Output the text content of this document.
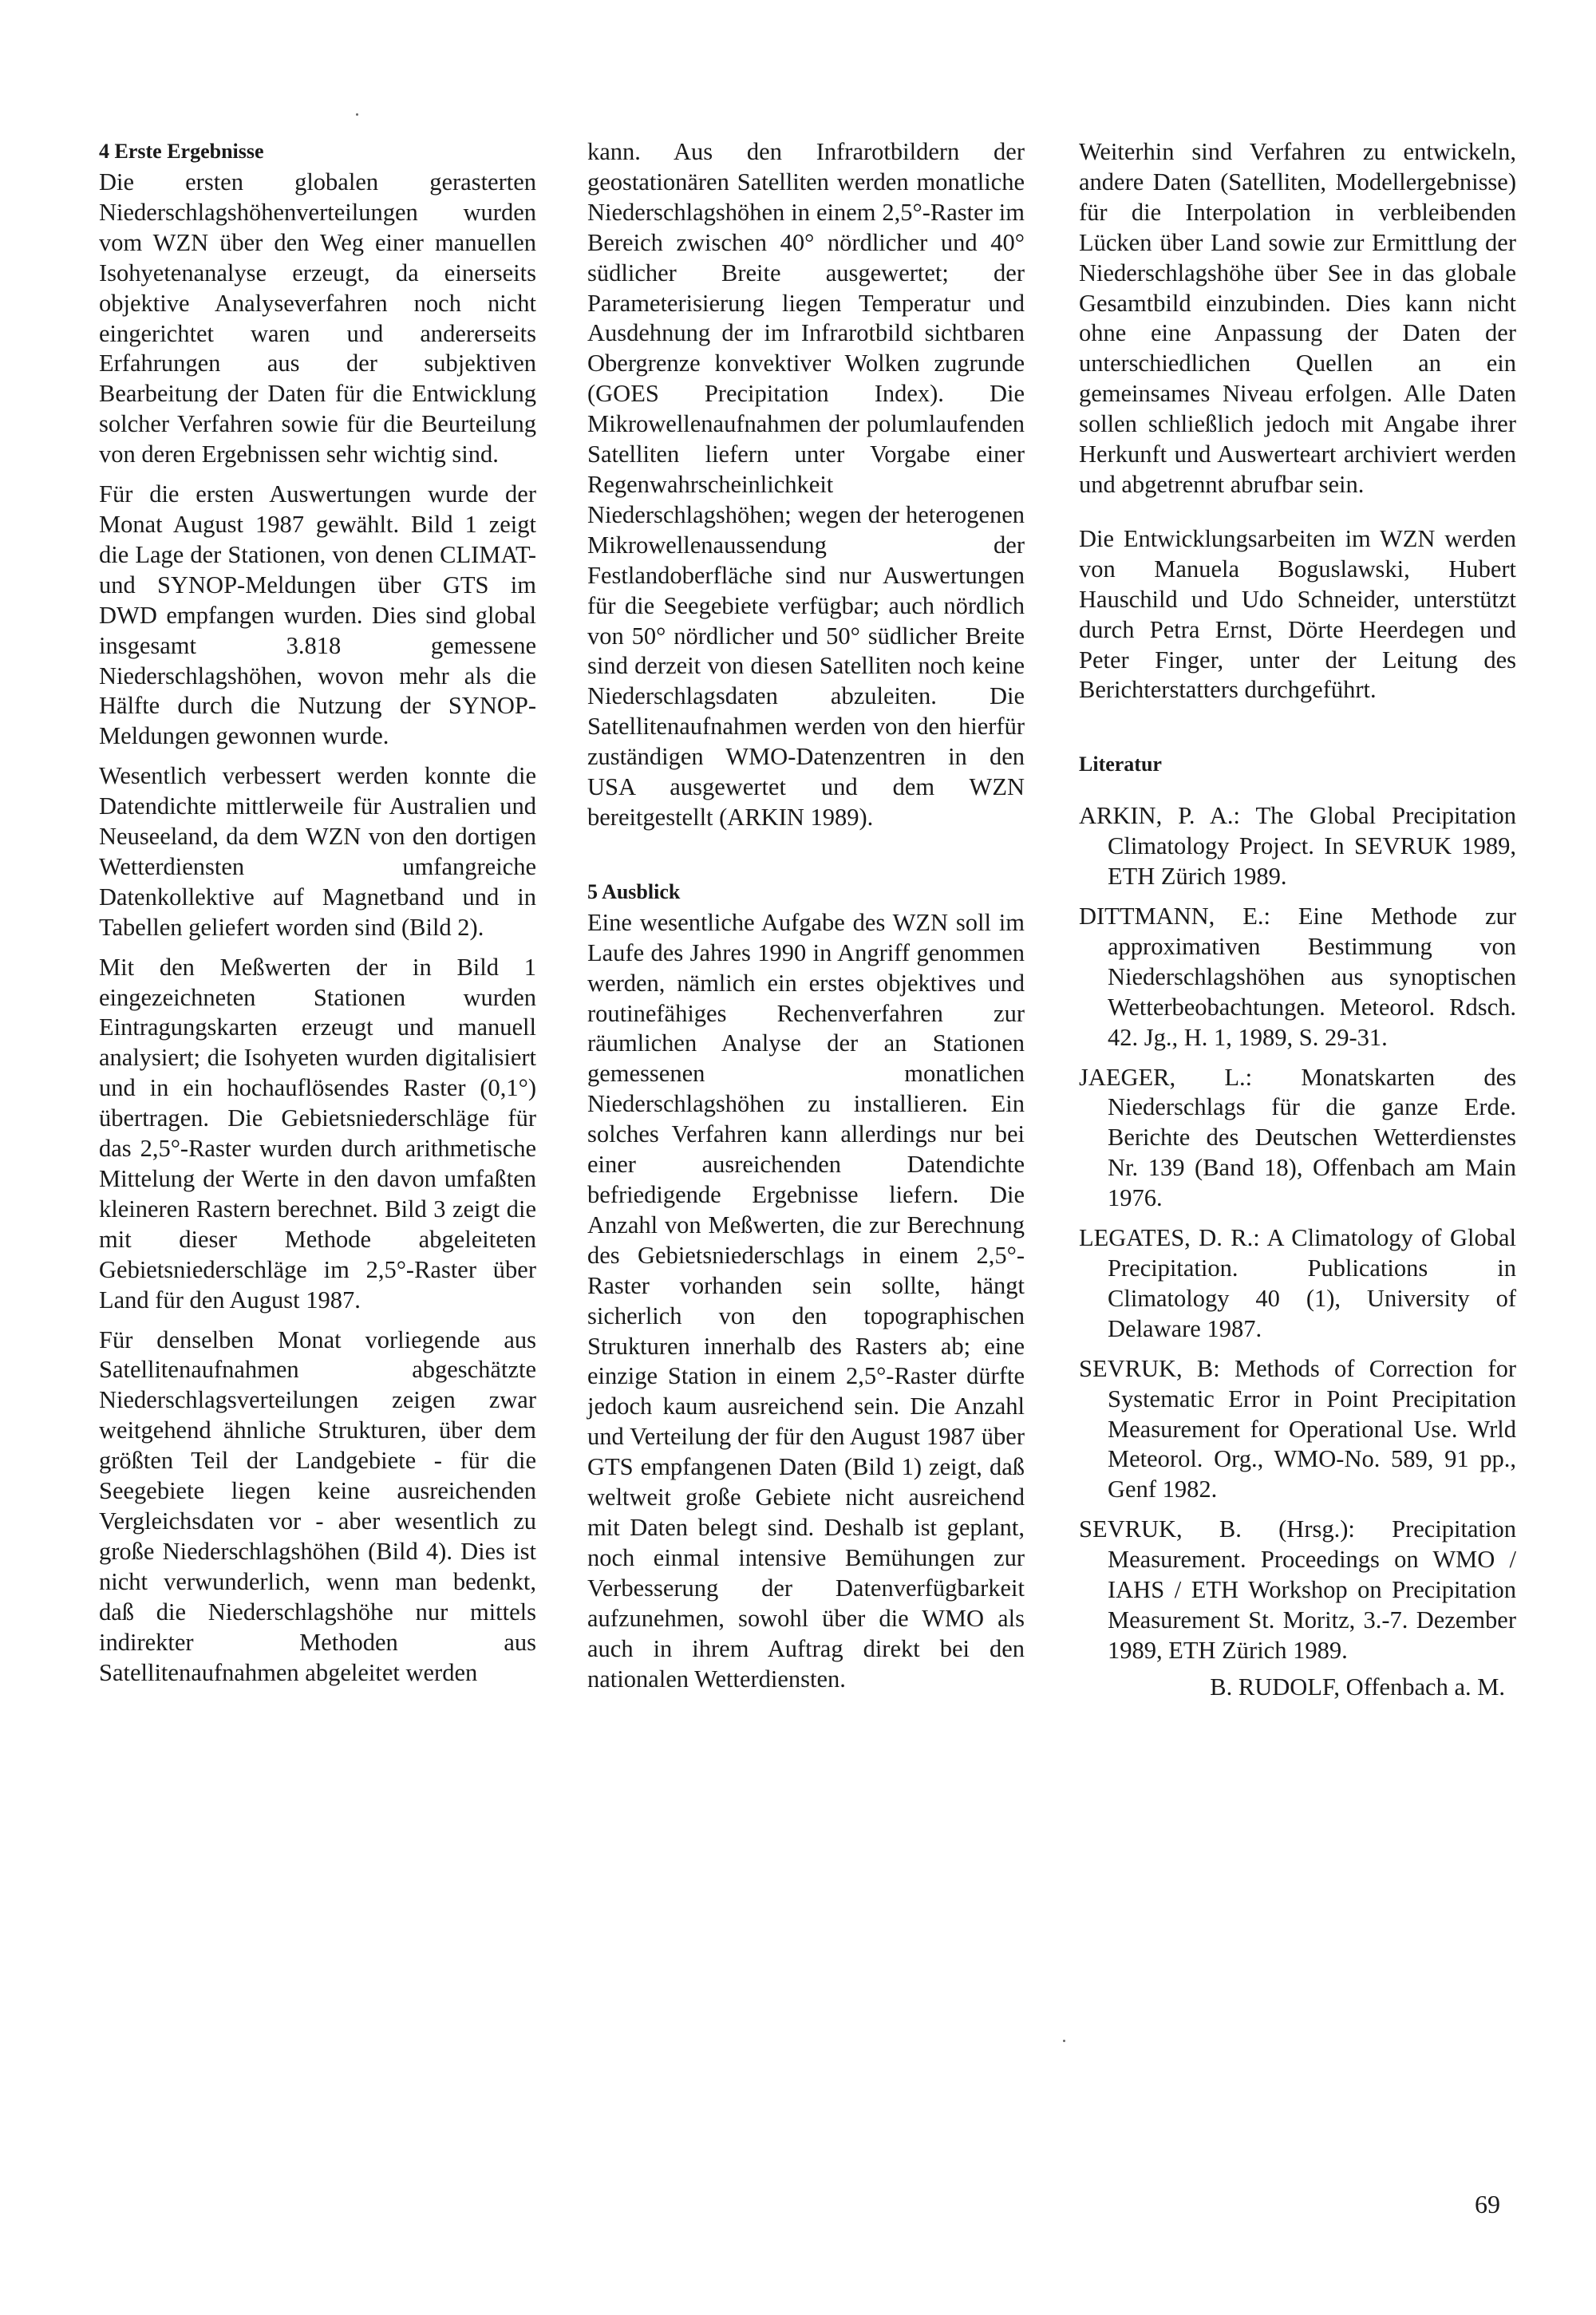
4 Erste Ergebnisse

Die ersten globalen gerasterten Niederschlagshöhenverteilungen wurden vom WZN über den Weg einer manuellen Isohyetenanalyse erzeugt, da einerseits objektive Analyseverfahren noch nicht eingerichtet waren und andererseits Erfahrungen aus der subjektiven Bearbeitung der Daten für die Entwicklung solcher Verfahren sowie für die Beurteilung von deren Ergebnissen sehr wichtig sind.

Für die ersten Auswertungen wurde der Monat August 1987 gewählt. Bild 1 zeigt die Lage der Stationen, von denen CLIMAT- und SYNOP-Meldungen über GTS im DWD empfangen wurden. Dies sind global insgesamt 3.818 gemessene Niederschlagshöhen, wovon mehr als die Hälfte durch die Nutzung der SYNOP-Meldungen gewonnen wurde.

Wesentlich verbessert werden konnte die Datendichte mittlerweile für Australien und Neuseeland, da dem WZN von den dortigen Wetterdiensten umfangreiche Datenkollektive auf Magnetband und in Tabellen geliefert worden sind (Bild 2).

Mit den Meßwerten der in Bild 1 eingezeichneten Stationen wurden Eintragungskarten erzeugt und manuell analysiert; die Isohyeten wurden digitalisiert und in ein hochauflösendes Raster (0,1°) übertragen. Die Gebietsniederschläge für das 2,5°-Raster wurden durch arithmetische Mittelung der Werte in den davon umfaßten kleineren Rastern berechnet. Bild 3 zeigt die mit dieser Methode abgeleiteten Gebietsniederschläge im 2,5°-Raster über Land für den August 1987.

Für denselben Monat vorliegende aus Satellitenaufnahmen abgeschätzte Niederschlagsverteilungen zeigen zwar weitgehend ähnliche Strukturen, über dem größten Teil der Landgebiete - für die Seegebiete liegen keine ausreichenden Vergleichsdaten vor - aber wesentlich zu große Niederschlagshöhen (Bild 4). Dies ist nicht verwunderlich, wenn man bedenkt, daß die Niederschlagshöhe nur mittels indirekter Methoden aus Satellitenaufnahmen abgeleitet werden

kann. Aus den Infrarotbildern der geostationären Satelliten werden monatliche Niederschlagshöhen in einem 2,5°-Raster im Bereich zwischen 40° nördlicher und 40° südlicher Breite ausgewertet; der Parameterisierung liegen Temperatur und Ausdehnung der im Infrarotbild sichtbaren Obergrenze konvektiver Wolken zugrunde (GOES Precipitation Index). Die Mikrowellenaufnahmen der polumlaufenden Satelliten liefern unter Vorgabe einer Regenwahrscheinlichkeit Niederschlagshöhen; wegen der heterogenen Mikrowellenaussendung der Festlandoberfläche sind nur Auswertungen für die Seegebiete verfügbar; auch nördlich von 50° nördlicher und 50° südlicher Breite sind derzeit von diesen Satelliten noch keine Niederschlagsdaten abzuleiten. Die Satellitenaufnahmen werden von den hierfür zuständigen WMO-Datenzentren in den USA ausgewertet und dem WZN bereitgestellt (ARKIN 1989).

5 Ausblick

Eine wesentliche Aufgabe des WZN soll im Laufe des Jahres 1990 in Angriff genommen werden, nämlich ein erstes objektives und routinefähiges Rechenverfahren zur räumlichen Analyse der an Stationen gemessenen monatlichen Niederschlagshöhen zu installieren. Ein solches Verfahren kann allerdings nur bei einer ausreichenden Datendichte befriedigende Ergebnisse liefern. Die Anzahl von Meßwerten, die zur Berechnung des Gebietsniederschlags in einem 2,5°-Raster vorhanden sein sollte, hängt sicherlich von den topographischen Strukturen innerhalb des Rasters ab; eine einzige Station in einem 2,5°-Raster dürfte jedoch kaum ausreichend sein. Die Anzahl und Verteilung der für den August 1987 über GTS empfangenen Daten (Bild 1) zeigt, daß weltweit große Gebiete nicht ausreichend mit Daten belegt sind. Deshalb ist geplant, noch einmal intensive Bemühungen zur Verbesserung der Datenverfügbarkeit aufzunehmen, sowohl über die WMO als auch in ihrem Auftrag direkt bei den nationalen Wetterdiensten.

Weiterhin sind Verfahren zu entwickeln, andere Daten (Satelliten, Modellergebnisse) für die Interpolation in verbleibenden Lücken über Land sowie zur Ermittlung der Niederschlagshöhe über See in das globale Gesamtbild einzubinden. Dies kann nicht ohne eine Anpassung der Daten der unterschiedlichen Quellen an ein gemeinsames Niveau erfolgen. Alle Daten sollen schließlich jedoch mit Angabe ihrer Herkunft und Auswerteart archiviert werden und abgetrennt abrufbar sein.

Die Entwicklungsarbeiten im WZN werden von Manuela Boguslawski, Hubert Hauschild und Udo Schneider, unterstützt durch Petra Ernst, Dörte Heerdegen und Peter Finger, unter der Leitung des Berichterstatters durchgeführt.

Literatur

ARKIN, P. A.: The Global Precipitation Climatology Project. In SEVRUK 1989, ETH Zürich 1989.

DITTMANN, E.: Eine Methode zur approximativen Bestimmung von Niederschlagshöhen aus synoptischen Wetterbeobachtungen. Meteorol. Rdsch. 42. Jg., H. 1, 1989, S. 29-31.

JAEGER, L.: Monatskarten des Niederschlags für die ganze Erde. Berichte des Deutschen Wetterdienstes Nr. 139 (Band 18), Offenbach am Main 1976.

LEGATES, D. R.: A Climatology of Global Precipitation. Publications in Climatology 40 (1), University of Delaware 1987.

SEVRUK, B: Methods of Correction for Systematic Error in Point Precipitation Measurement for Operational Use. Wrld Meteorol. Org., WMO-No. 589, 91 pp., Genf 1982.

SEVRUK, B. (Hrsg.): Precipitation Measurement. Proceedings on WMO / IAHS / ETH Workshop on Precipitation Measurement St. Moritz, 3.-7. Dezember 1989, ETH Zürich 1989.

B. RUDOLF, Offenbach a. M.
69
